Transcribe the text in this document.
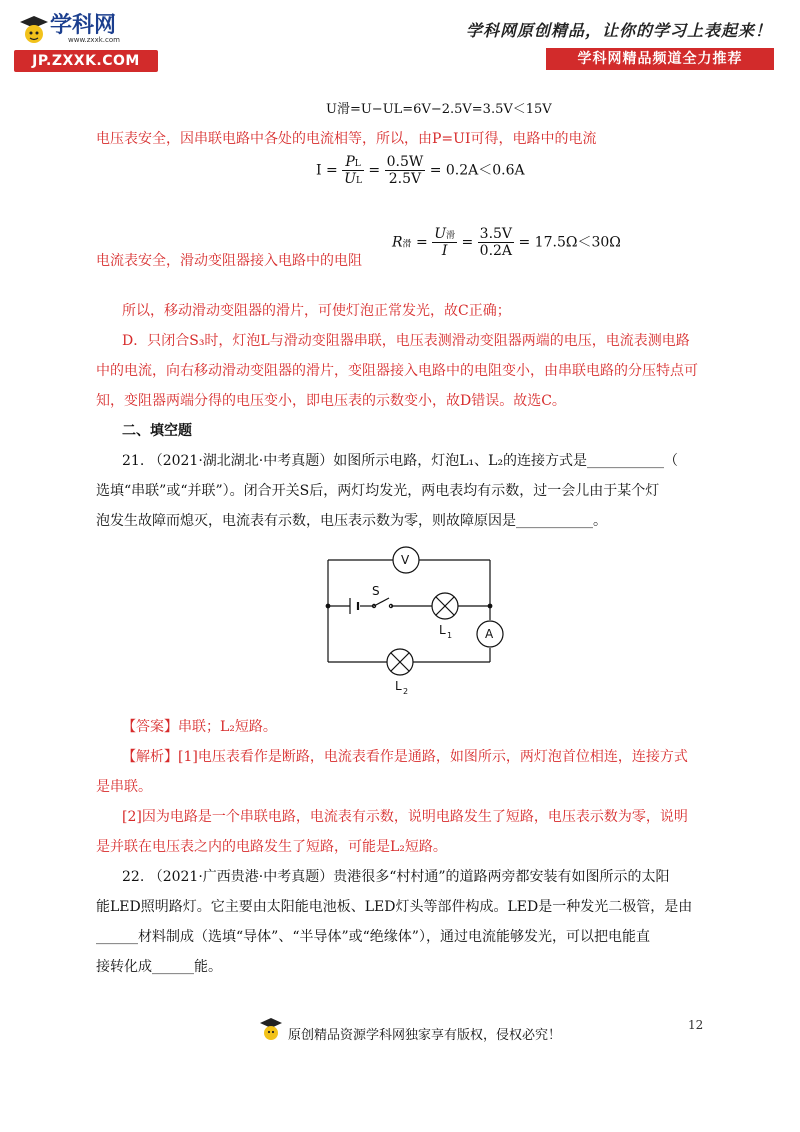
学科网
www.zxxk.com
JP.ZXXK.COM
学科网原创精品，让你的学习上表起来！
学科网精品频道全力推荐
U滑=U−UL=6V−2.5V=3.5V＜15V
电压表安全，因串联电路中各处的电流相等，所以，由P=UI可得，电路中的电流
$I = \frac{PL}{UL} = \frac{0.5W}{2.5V} = 0.2A<0.6A$
电流表安全，滑动变阻器接入电路中的电阻
R滑 = $\frac{\text{U滑}}{I} = \frac{3.5V}{0.2A} = 17.5\Omega<30\Omega$
所以，移动滑动变阻器的滑片，可使灯泡正常发光，故C正确；
D．只闭合S₃时，灯泡L与滑动变阻器串联，电压表测滑动变阻器两端的电压，电流表测电路
中的电流，向右移动滑动变阻器的滑片，变阻器接入电路中的电阻变小，由串联电路的分压特点可
知，变阻器两端分得的电压变小，即电压表的示数变小，故D错误。故选C。
二、填空题
21. （2021·湖北湖北·中考真题）如图所示电路，灯泡L₁、L₂的连接方式是___________（
选填“串联”或“并联”）。闭合开关S后，两灯均发光，两电表均有示数，过一会儿由于某个灯
泡发生故障而熄灭，电流表有示数，电压表示数为零，则故障原因是___________。
V
A
S
L 1
L 2
【答案】串联；L₂短路。
【解析】[1]电压表看作是断路，电流表看作是通路，如图所示，两灯泡首位相连，连接方式
是串联。
[2]因为电路是一个串联电路，电流表有示数，说明电路发生了短路，电压表示数为零，说明
是并联在电压表之内的电路发生了短路，可能是L₂短路。
22. （2021·广西贵港·中考真题）贵港很多“村村通”的道路两旁都安装有如图所示的太阳
能LED照明路灯。它主要由太阳能电池板、LED灯头等部件构成。LED是一种发光二极管，是由
______材料制成（选填“导体”、“半导体”或“绝缘体”），通过电流能够发光，可以把电能直
接转化成______能。
12
原创精品资源学科网独家享有版权，侵权必究！
